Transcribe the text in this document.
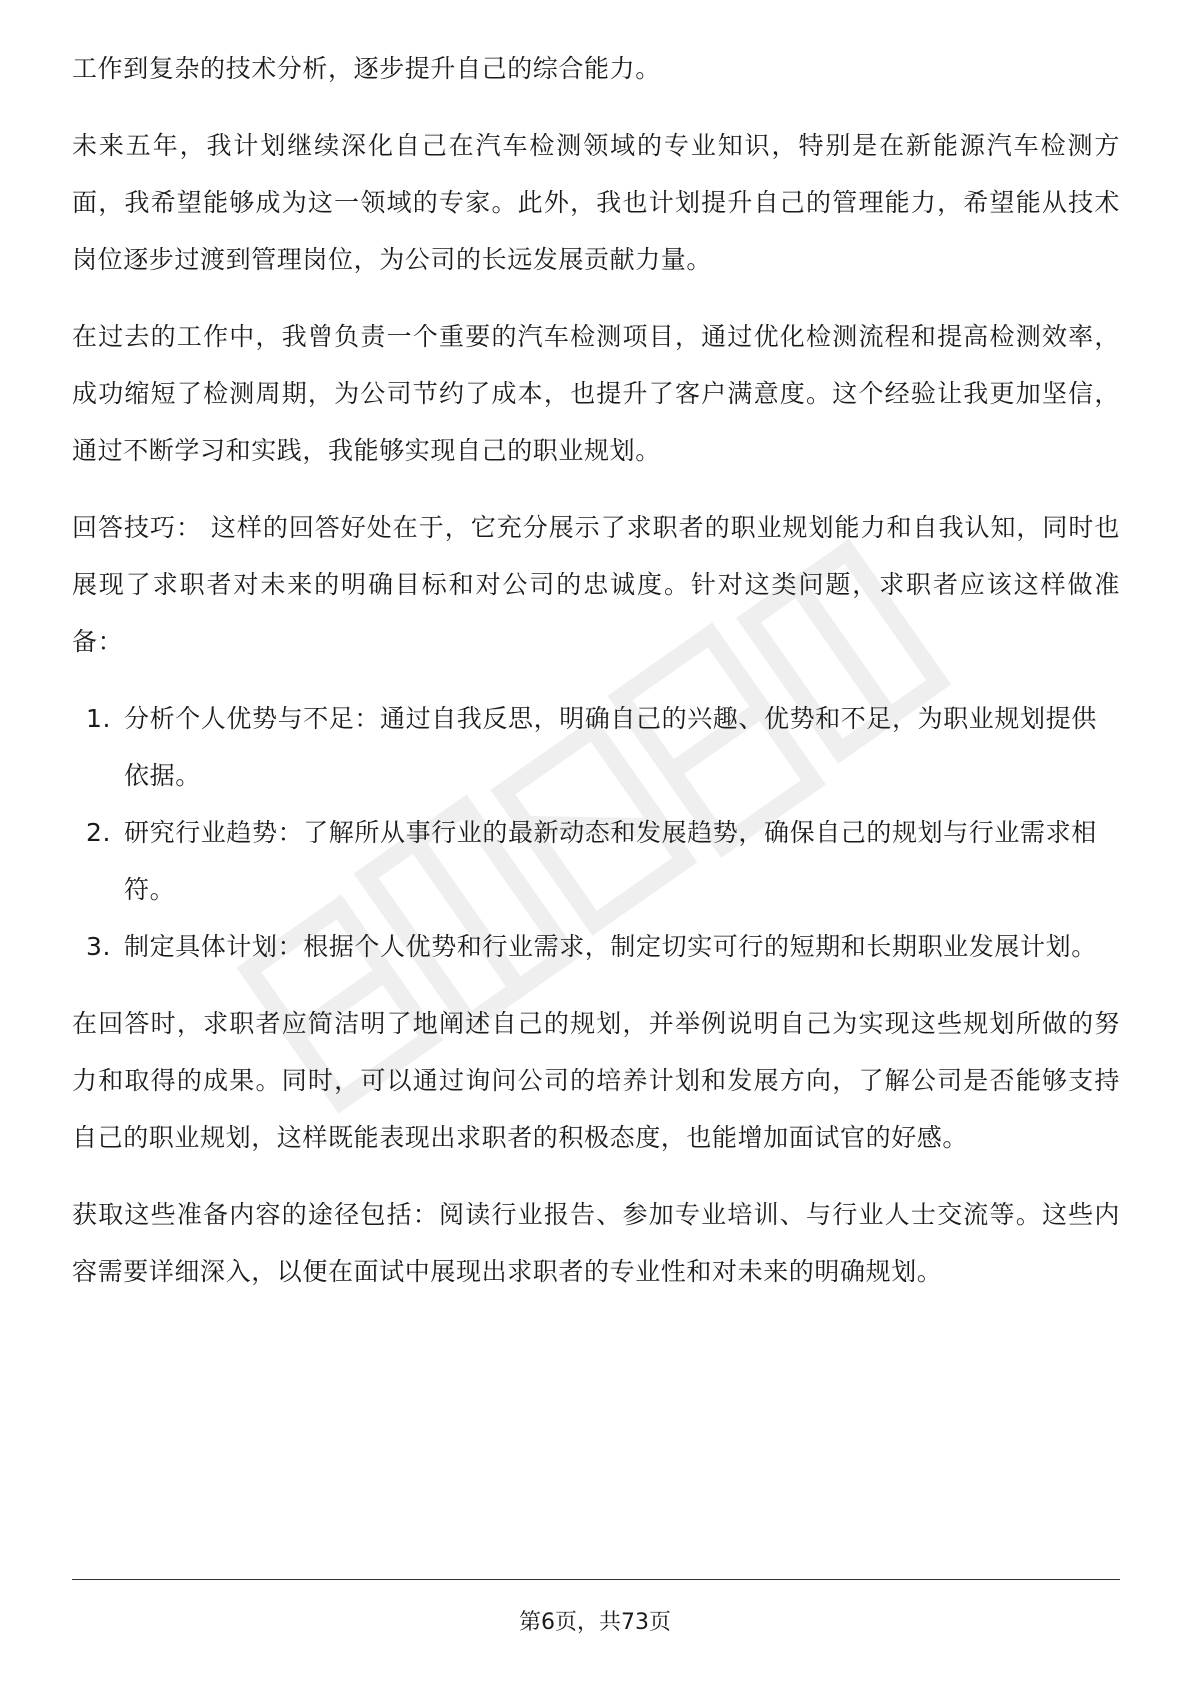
工作到复杂的技术分析，逐步提升自己的综合能力。

未来五年，我计划继续深化自己在汽车检测领域的专业知识，特别是在新能源汽车检测方面，我希望能够成为这一领域的专家。此外，我也计划提升自己的管理能力，希望能从技术岗位逐步过渡到管理岗位，为公司的长远发展贡献力量。

在过去的工作中，我曾负责一个重要的汽车检测项目，通过优化检测流程和提高检测效率，成功缩短了检测周期，为公司节约了成本，也提升了客户满意度。这个经验让我更加坚信，通过不断学习和实践，我能够实现自己的职业规划。

回答技巧： 这样的回答好处在于，它充分展示了求职者的职业规划能力和自我认知，同时也展现了求职者对未来的明确目标和对公司的忠诚度。针对这类问题，求职者应该这样做准备：

1. 分析个人优势与不足：通过自我反思，明确自己的兴趣、优势和不足，为职业规划提供依据。
2. 研究行业趋势：了解所从事行业的最新动态和发展趋势，确保自己的规划与行业需求相符。
3. 制定具体计划：根据个人优势和行业需求，制定切实可行的短期和长期职业发展计划。

在回答时，求职者应简洁明了地阐述自己的规划，并举例说明自己为实现这些规划所做的努力和取得的成果。同时，可以通过询问公司的培养计划和发展方向，了解公司是否能够支持自己的职业规划，这样既能表现出求职者的积极态度，也能增加面试官的好感。

获取这些准备内容的途径包括：阅读行业报告、参加专业培训、与行业人士交流等。这些内容需要详细深入，以便在面试中展现出求职者的专业性和对未来的明确规划。

第6页，共73页
